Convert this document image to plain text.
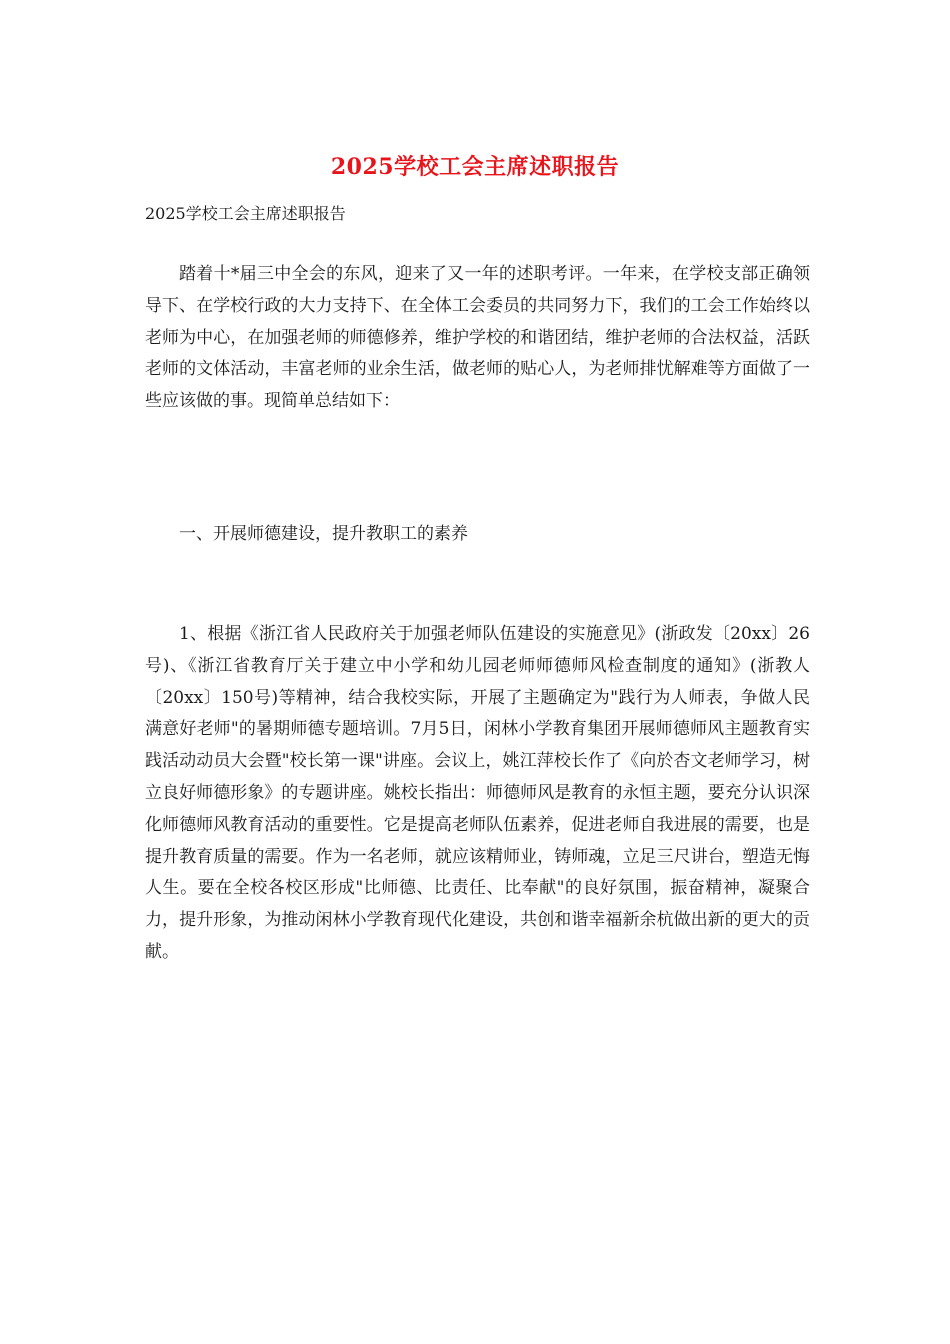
2025学校工会主席述职报告

2025学校工会主席述职报告

踏着十*届三中全会的东风，迎来了又一年的述职考评。一年来，在学校支部正确领导下、在学校行政的大力支持下、在全体工会委员的共同努力下，我们的工会工作始终以老师为中心，在加强老师的师德修养，维护学校的和谐团结，维护老师的合法权益，活跃老师的文体活动，丰富老师的业余生活，做老师的贴心人，为老师排忧解难等方面做了一些应该做的事。现简单总结如下：

一、开展师德建设，提升教职工的素养

1、根据《浙江省人民政府关于加强老师队伍建设的实施意见》(浙政发〔20xx〕26号)、《浙江省教育厅关于建立中小学和幼儿园老师师德师风检查制度的通知》(浙教人〔20xx〕150号)等精神，结合我校实际，开展了主题确定为"践行为人师表，争做人民满意好老师"的暑期师德专题培训。7月5日，闲林小学教育集团开展师德师风主题教育实践活动动员大会暨"校长第一课"讲座。会议上，姚江萍校长作了《向於杏文老师学习，树立良好师德形象》的专题讲座。姚校长指出：师德师风是教育的永恒主题，要充分认识深化师德师风教育活动的重要性。它是提高老师队伍素养，促进老师自我进展的需要，也是提升教育质量的需要。作为一名老师，就应该精师业，铸师魂，立足三尺讲台，塑造无悔人生。要在全校各校区形成"比师德、比责任、比奉献"的良好氛围，振奋精神，凝聚合力，提升形象，为推动闲林小学教育现代化建设，共创和谐幸福新余杭做出新的更大的贡献。
